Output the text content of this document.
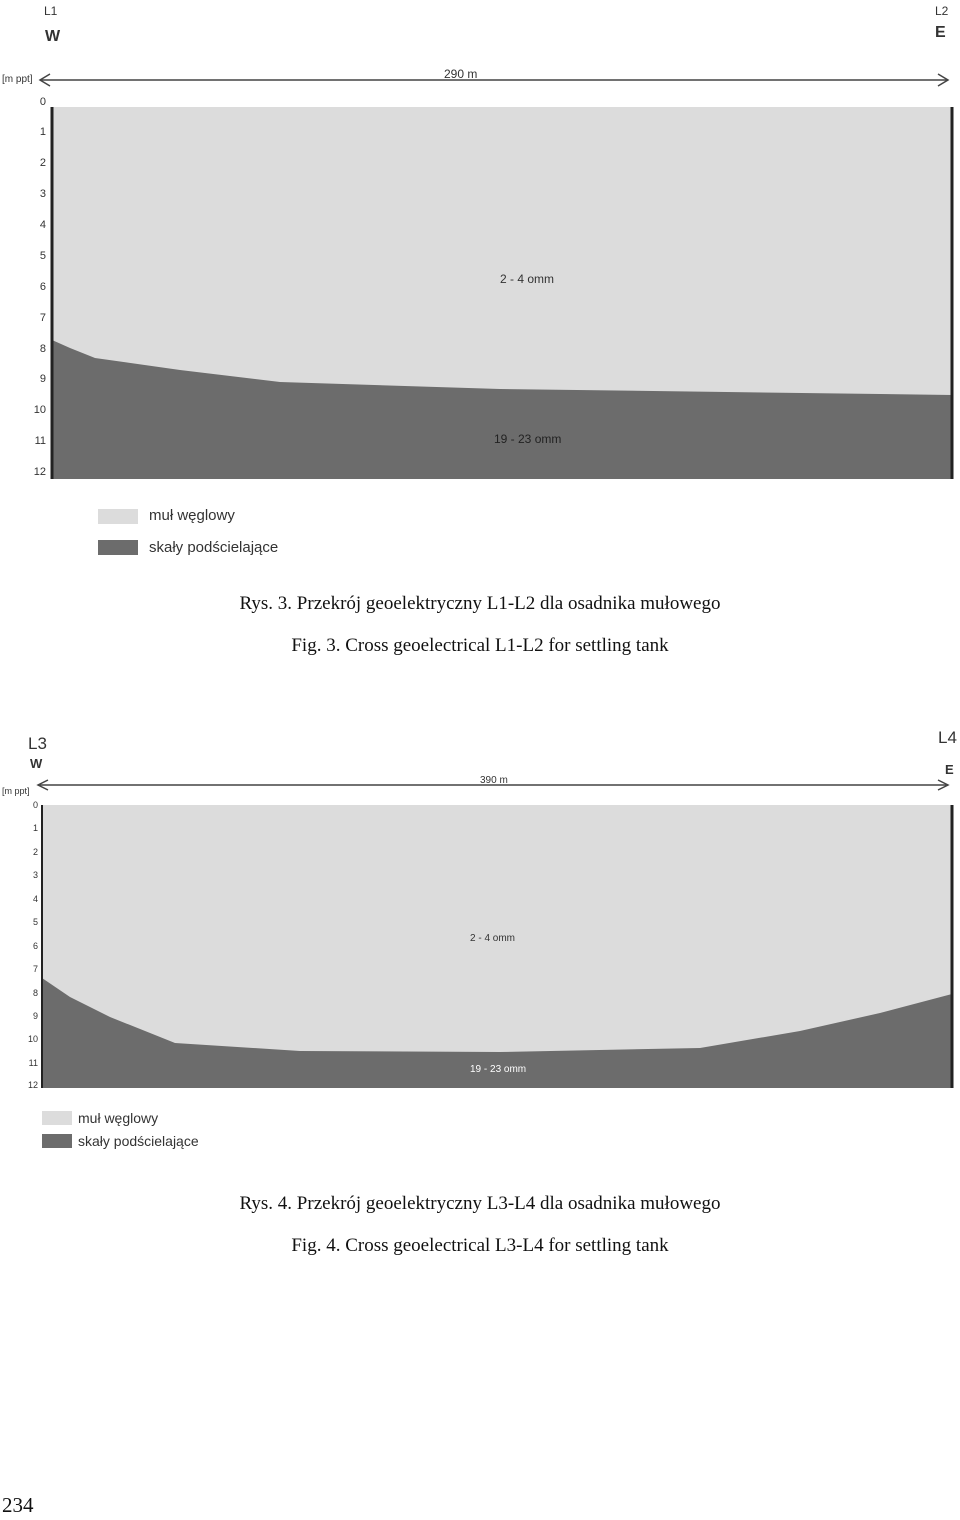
L1	L2
W	E
[m ppt]	290 m
2 - 4 omm
19 - 23 omm
0
1
2
3
4
5
6
7
8
9
10
11
12
muł węglowy
skały podścielające
Rys. 3. Przekrój geoelektryczny L1-L2 dla osadnika mułowego
Fig. 3. Cross geoelectrical L1-L2 for settling tank
L3	L4
W	E
[m ppt]
390 m
2 - 4 omm
19 - 23 omm
0
1
2
3
4
5
6
7
8
9
10
11
12
muł węglowy
skały podścielające
Rys. 4. Przekrój geoelektryczny L3-L4 dla osadnika mułowego
Fig. 4. Cross geoelectrical L3-L4 for settling tank
234
